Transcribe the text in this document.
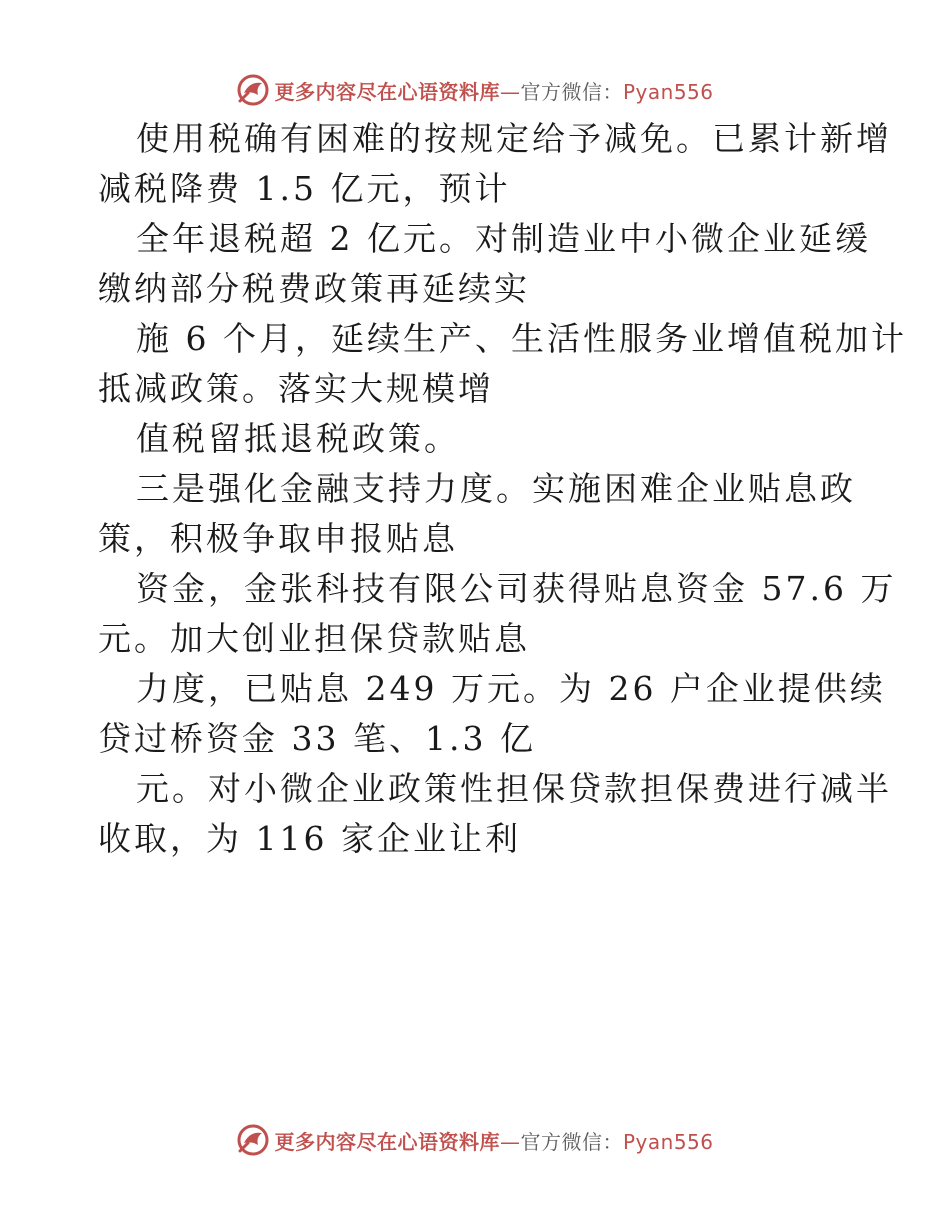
更多内容尽在心语资料库—官方微信：Pyan556

使用税确有困难的按规定给予减免。已累计新增

减税降费 1.5 亿元，预计

全年退税超 2 亿元。对制造业中小微企业延缓

缴纳部分税费政策再延续实

施 6 个月，延续生产、生活性服务业增值税加计

抵减政策。落实大规模增

值税留抵退税政策。

三是强化金融支持力度。实施困难企业贴息政

策，积极争取申报贴息

资金，金张科技有限公司获得贴息资金 57.6 万

元。加大创业担保贷款贴息

力度，已贴息 249 万元。为 26 户企业提供续

贷过桥资金 33 笔、1.3 亿

元。对小微企业政策性担保贷款担保费进行减半

收取，为 116 家企业让利

更多内容尽在心语资料库—官方微信：Pyan556
